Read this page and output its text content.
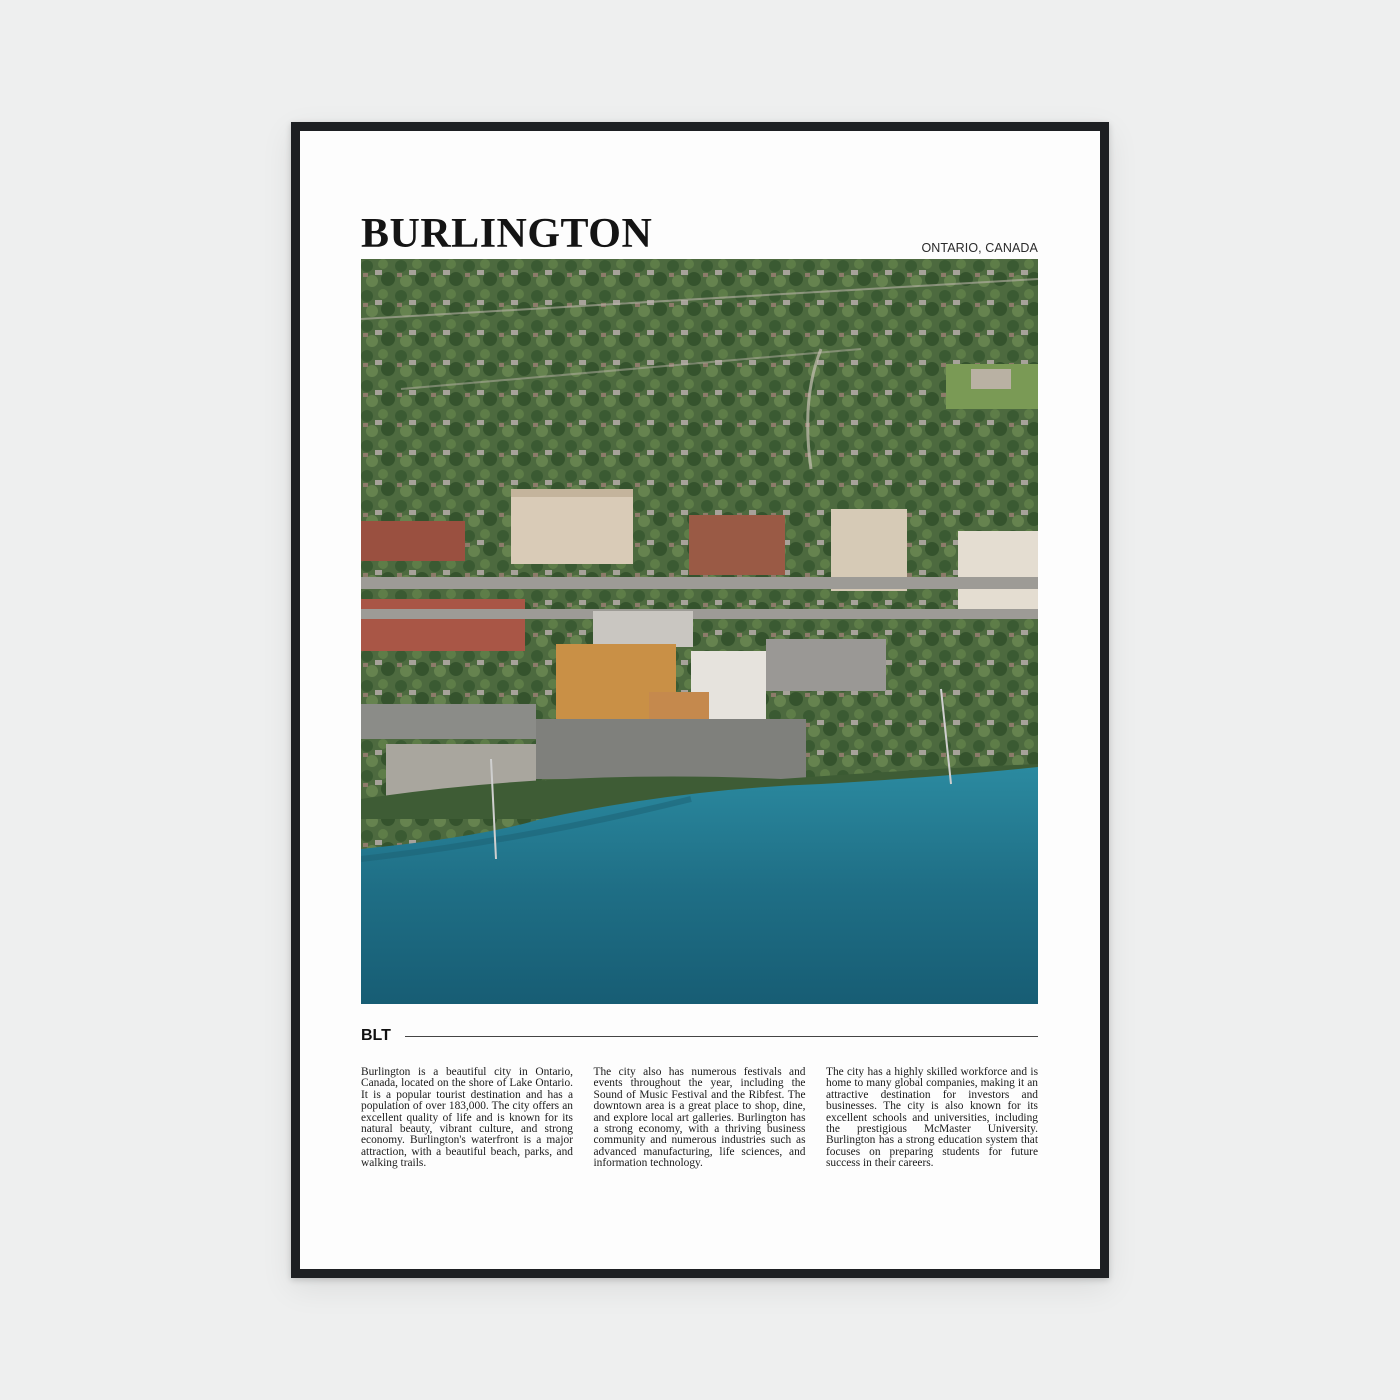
BURLINGTON	ONTARIO, CANADA
BLT
Burlington is a beautiful city in Ontario, Canada, located on the shore of Lake Ontario. It is a popular tourist destination and has a population of over 183,000. The city offers an excellent quality of life and is known for its natural beauty, vibrant culture, and strong economy. Burlington's waterfront is a major attraction, with a beautiful beach, parks, and walking trails.
The city also has numerous festivals and events throughout the year, including the Sound of Music Festival and the Ribfest. The downtown area is a great place to shop, dine, and explore local art galleries. Burlington has a strong economy, with a thriving business community and numerous industries such as advanced manufacturing, life sciences, and information technology.
The city has a highly skilled workforce and is home to many global companies, making it an attractive destination for investors and businesses. The city is also known for its excellent schools and universities, including the prestigious McMaster University. Burlington has a strong education system that focuses on preparing students for future success in their careers.
